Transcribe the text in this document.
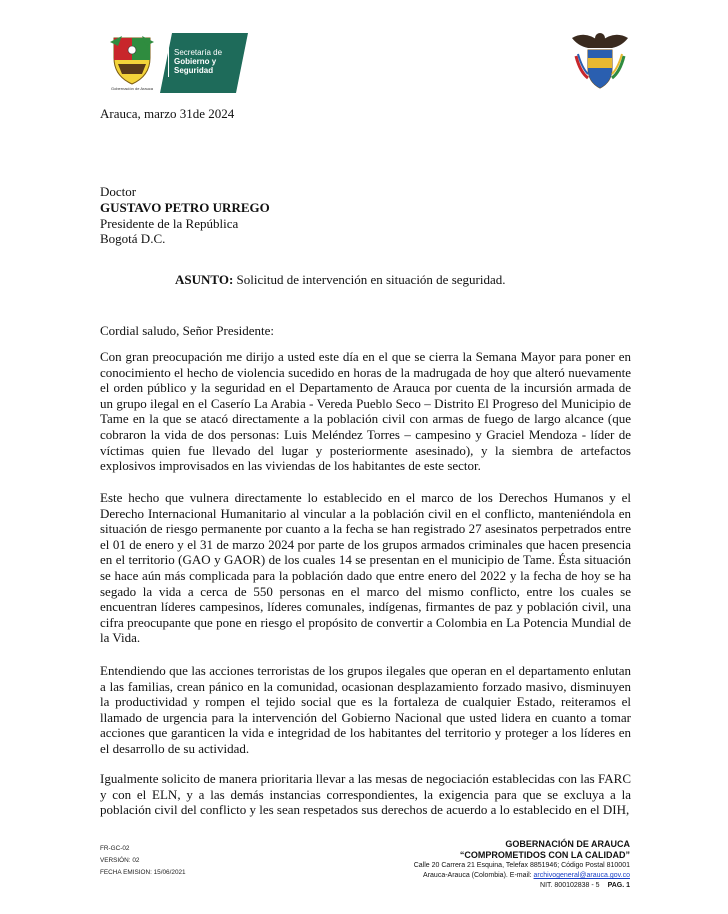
Gobernación de Arauca
Secretaría de
Gobierno y
Seguridad
Arauca, marzo 31de 2024
Doctor
GUSTAVO PETRO URREGO
Presidente de la República
Bogotá D.C.
ASUNTO: Solicitud de intervención en situación de seguridad.
Cordial saludo, Señor Presidente:
Con gran preocupación me dirijo a usted este día en el que se cierra la Semana Mayor para poner en conocimiento el hecho de violencia sucedido en horas de la madrugada de hoy que alteró nuevamente el orden público y la seguridad en el Departamento de Arauca por cuenta de la incursión armada de un grupo ilegal en el Caserío La Arabia - Vereda Pueblo Seco – Distrito El Progreso del Municipio de Tame en la que se atacó directamente a la población civil con armas de fuego de largo alcance (que cobraron la vida de dos personas: Luis Meléndez Torres – campesino y Graciel Mendoza - líder de víctimas quien fue llevado del lugar y posteriormente asesinado), y la siembra de artefactos explosivos improvisados en las viviendas de los habitantes de este sector.
Este hecho que vulnera directamente lo establecido en el marco de los Derechos Humanos y el Derecho Internacional Humanitario al vincular a la población civil en el conflicto, manteniéndola en situación de riesgo permanente por cuanto a la fecha se han registrado 27 asesinatos perpetrados entre el 01 de enero y el 31 de marzo 2024 por parte de los grupos armados criminales que hacen presencia en el territorio (GAO y GAOR) de los cuales 14 se presentan en el municipio de Tame. Ésta situación se hace aún más complicada para la población dado que entre enero del 2022 y la fecha de hoy se ha segado la vida a cerca de 550 personas en el marco del mismo conflicto, entre los cuales se encuentran líderes campesinos, líderes comunales, indígenas, firmantes de paz y población civil, una cifra preocupante que pone en riesgo el propósito de convertir a Colombia en La Potencia Mundial de la Vida.
Entendiendo que las acciones terroristas de los grupos ilegales que operan en el departamento enlutan a las familias, crean pánico en la comunidad, ocasionan desplazamiento forzado masivo, disminuyen la productividad y rompen el tejido social que es la fortaleza de cualquier Estado, reiteramos el llamado de urgencia para la intervención del Gobierno Nacional que usted lidera en cuanto a tomar acciones que garanticen la vida e integridad de los habitantes del territorio y proteger a los líderes en el desarrollo de su actividad.
Igualmente solicito de manera prioritaria llevar a las mesas de negociación establecidas con las FARC y con el ELN, y a las demás instancias correspondientes, la exigencia para que se excluya a la población civil del conflicto y les sean respetados sus derechos de acuerdo a lo establecido en el DIH,
FR-GC-02
VERSIÓN: 02
FECHA EMISION: 15/06/2021
GOBERNACIÓN DE ARAUCA
“COMPROMETIDOS CON LA CALIDAD”
Calle 20 Carrera 21 Esquina, Telefax 8851946; Código Postal 810001
Arauca-Arauca (Colombia). E-mail: archivogeneral@arauca.gov.co
NIT. 800102838 - 5 PAG. 1
